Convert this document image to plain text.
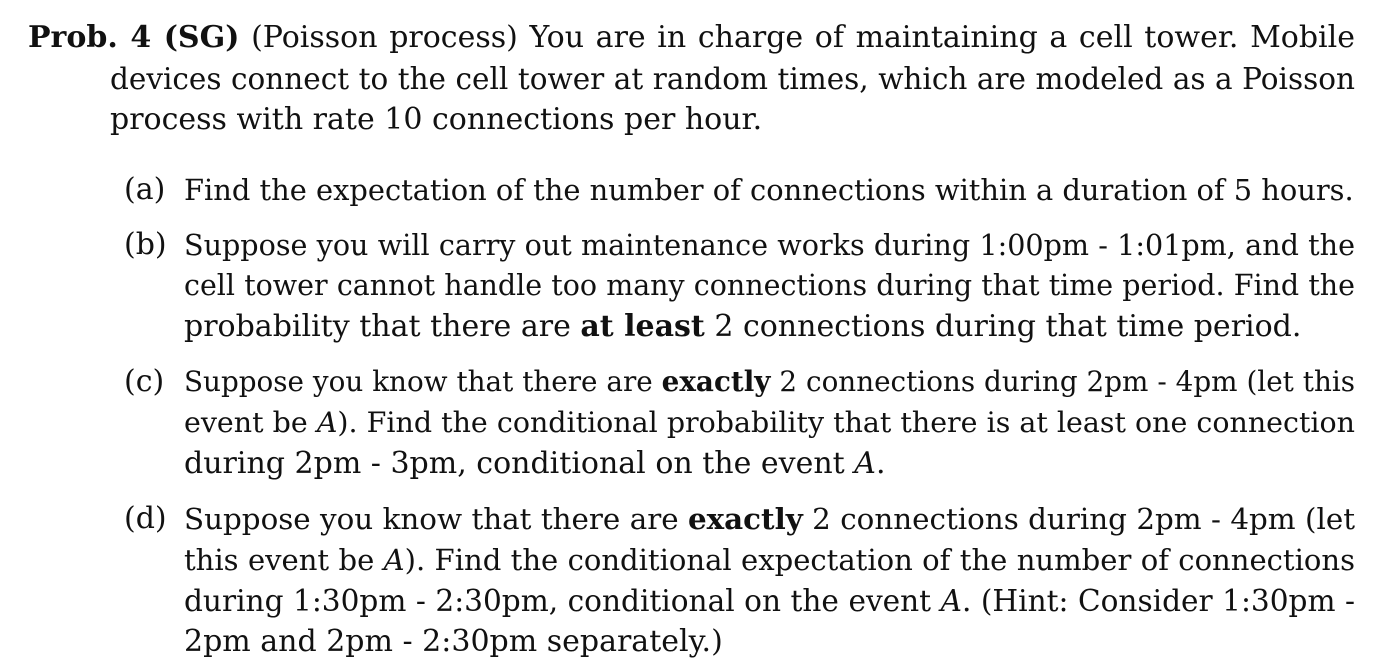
Prob. 4 (SG) (Poisson process) You are in charge of maintaining a cell tower. Mobile
devices connect to the cell tower at random times, which are modeled as a Poisson
process with rate 10 connections per hour.
(a) Find the expectation of the number of connections within a duration of 5 hours.
(b) Suppose you will carry out maintenance works during 1:00pm - 1:01pm, and the
cell tower cannot handle too many connections during that time period. Find the
probability that there are at least 2 connections during that time period.
(c) Suppose you know that there are exactly 2 connections during 2pm - 4pm (let this
event be A). Find the conditional probability that there is at least one connection
during 2pm - 3pm, conditional on the event A.
(d) Suppose you know that there are exactly 2 connections during 2pm - 4pm (let
this event be A). Find the conditional expectation of the number of connections
during 1:30pm - 2:30pm, conditional on the event A. (Hint: Consider 1:30pm -
2pm and 2pm - 2:30pm separately.)
